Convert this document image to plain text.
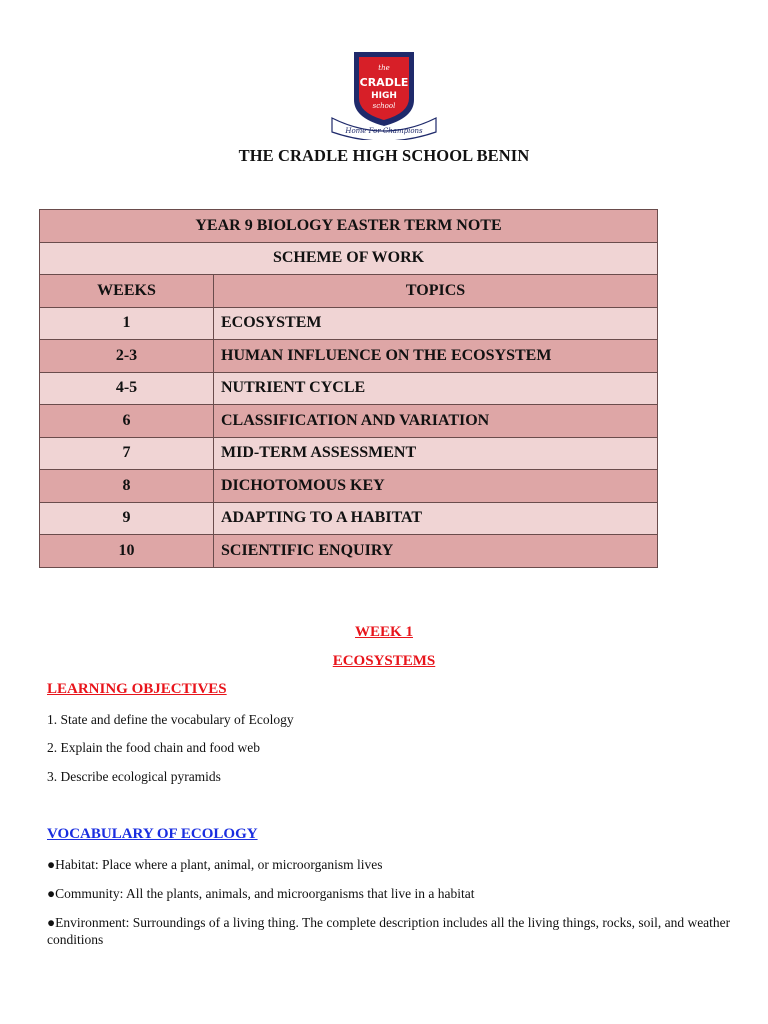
Home For Champions
the
CRADLE
HIGH
school
THE CRADLE HIGH SCHOOL BENIN
YEAR 9 BIOLOGY EASTER TERM NOTE	
SCHEME OF WORK	
WEEKS	TOPICS
1	ECOSYSTEM
2-3	HUMAN INFLUENCE ON THE ECOSYSTEM
4-5	NUTRIENT CYCLE
6	CLASSIFICATION AND VARIATION
7	MID-TERM ASSESSMENT
8	DICHOTOMOUS KEY
9	ADAPTING TO A HABITAT
10	SCIENTIFIC ENQUIRY
WEEK 1
ECOSYSTEMS
LEARNING OBJECTIVES
1. State and define the vocabulary of Ecology
2. Explain the food chain and food web
3. Describe ecological pyramids
VOCABULARY OF ECOLOGY
●Habitat: Place where a plant, animal, or microorganism lives
●Community: All the plants, animals, and microorganisms that live in a habitat
●Environment: Surroundings of a living thing. The complete description includes all the living things, rocks, soil, and weather conditions
